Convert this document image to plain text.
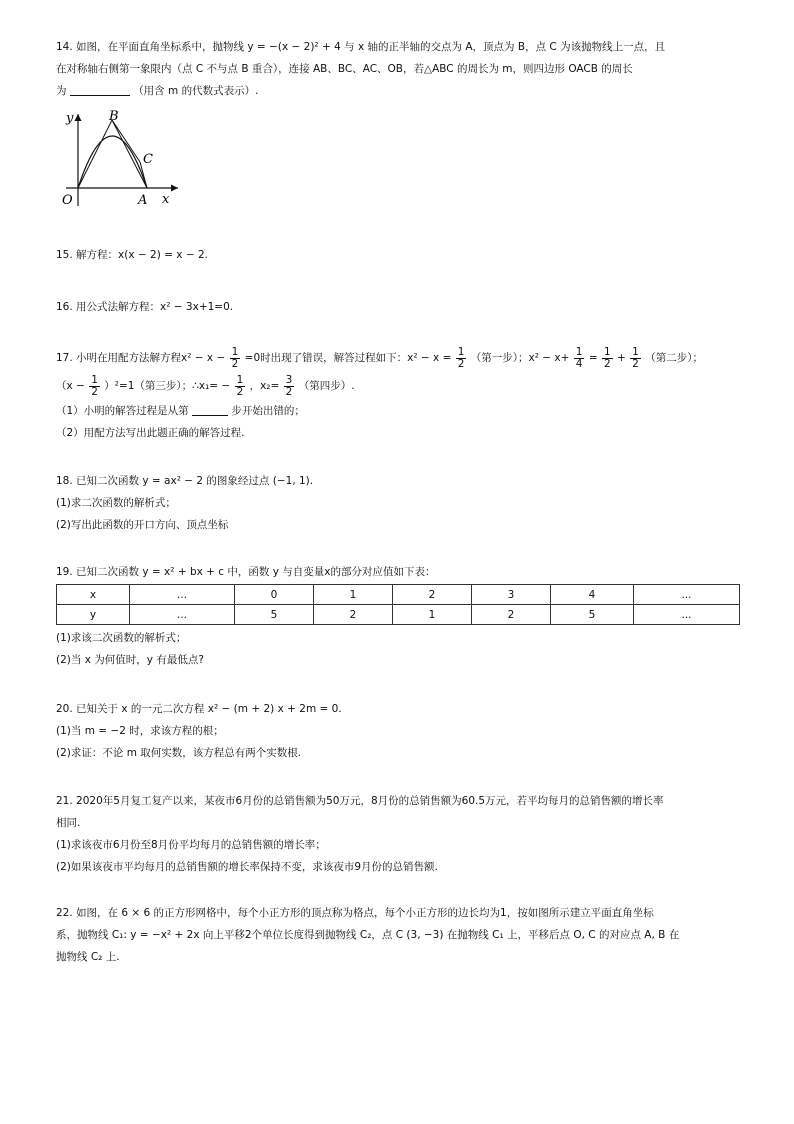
14. 如图，在平面直角坐标系中，抛物线 y = −(x − 2)² + 4 与 x 轴的正半轴的交点为 A，顶点为 B，点 C 为该抛物线上一点，且
在对称轴右侧第一象限内（点 C 不与点 B 重合），连接 AB、BC、AC、OB，若△ABC 的周长为 m，则四边形 OACB 的周长
为	（用含 m 的代数式表示）.
y
x
O	A
B
C
15. 解方程：x(x − 2) = x − 2.
16. 用公式法解方程：x² − 3x+1=0.
17. 小明在用配方法解方程$x^2 - x - \frac{1}{2} =0$时出现了错误，解答过程如下：$x^2 - x = \frac{1}{2}$ （第一步）；$x^2 - x+ \frac{1}{4} = \frac{1}{2} + \frac{1}{2}$ （第二步）；
$(x - \frac{1}{2} )^2=1$（第三步）；∴x₁= − $\frac{1}{2}$ ，$x_2= \frac{3}{2}$ （第四步）.
（1）小明的解答过程是从第	步开始出错的；
（2）用配方法写出此题正确的解答过程.
18. 已知二次函数 y = ax² − 2 的图象经过点 (−1, 1).
(1)求二次函数的解析式；
(2)写出此函数的开口方向、顶点坐标
19. 已知二次函数 y = x² + bx + c 中，函数 y 与自变量x的部分对应值如下表：
x	...	0	1	2	3	4	...
y	...	5	2	1	2	5	...
(1)求该二次函数的解析式；
(2)当 x 为何值时，y 有最低点?
20. 已知关于 x 的一元二次方程 x² − (m + 2) x + 2m = 0.
(1)当 m = −2 时，求该方程的根；
(2)求证：不论 m 取何实数，该方程总有两个实数根.
21. 2020年5月复工复产以来，某夜市6月份的总销售额为50万元，8月份的总销售额为60.5万元，若平均每月的总销售额的增长率
相同.
(1)求该夜市6月份至8月份平均每月的总销售额的增长率；
(2)如果该夜市平均每月的总销售额的增长率保持不变，求该夜市9月份的总销售额.
22. 如图，在 6 × 6 的正方形网格中，每个小正方形的顶点称为格点，每个小正方形的边长均为1，按如图所示建立平面直角坐标
系，抛物线 C₁: y = −x² + 2x 向上平移2个单位长度得到抛物线 C₂，点 C (3, −3) 在抛物线 C₁ 上，平移后点 O, C 的对应点 A, B 在
抛物线 C₂ 上.
